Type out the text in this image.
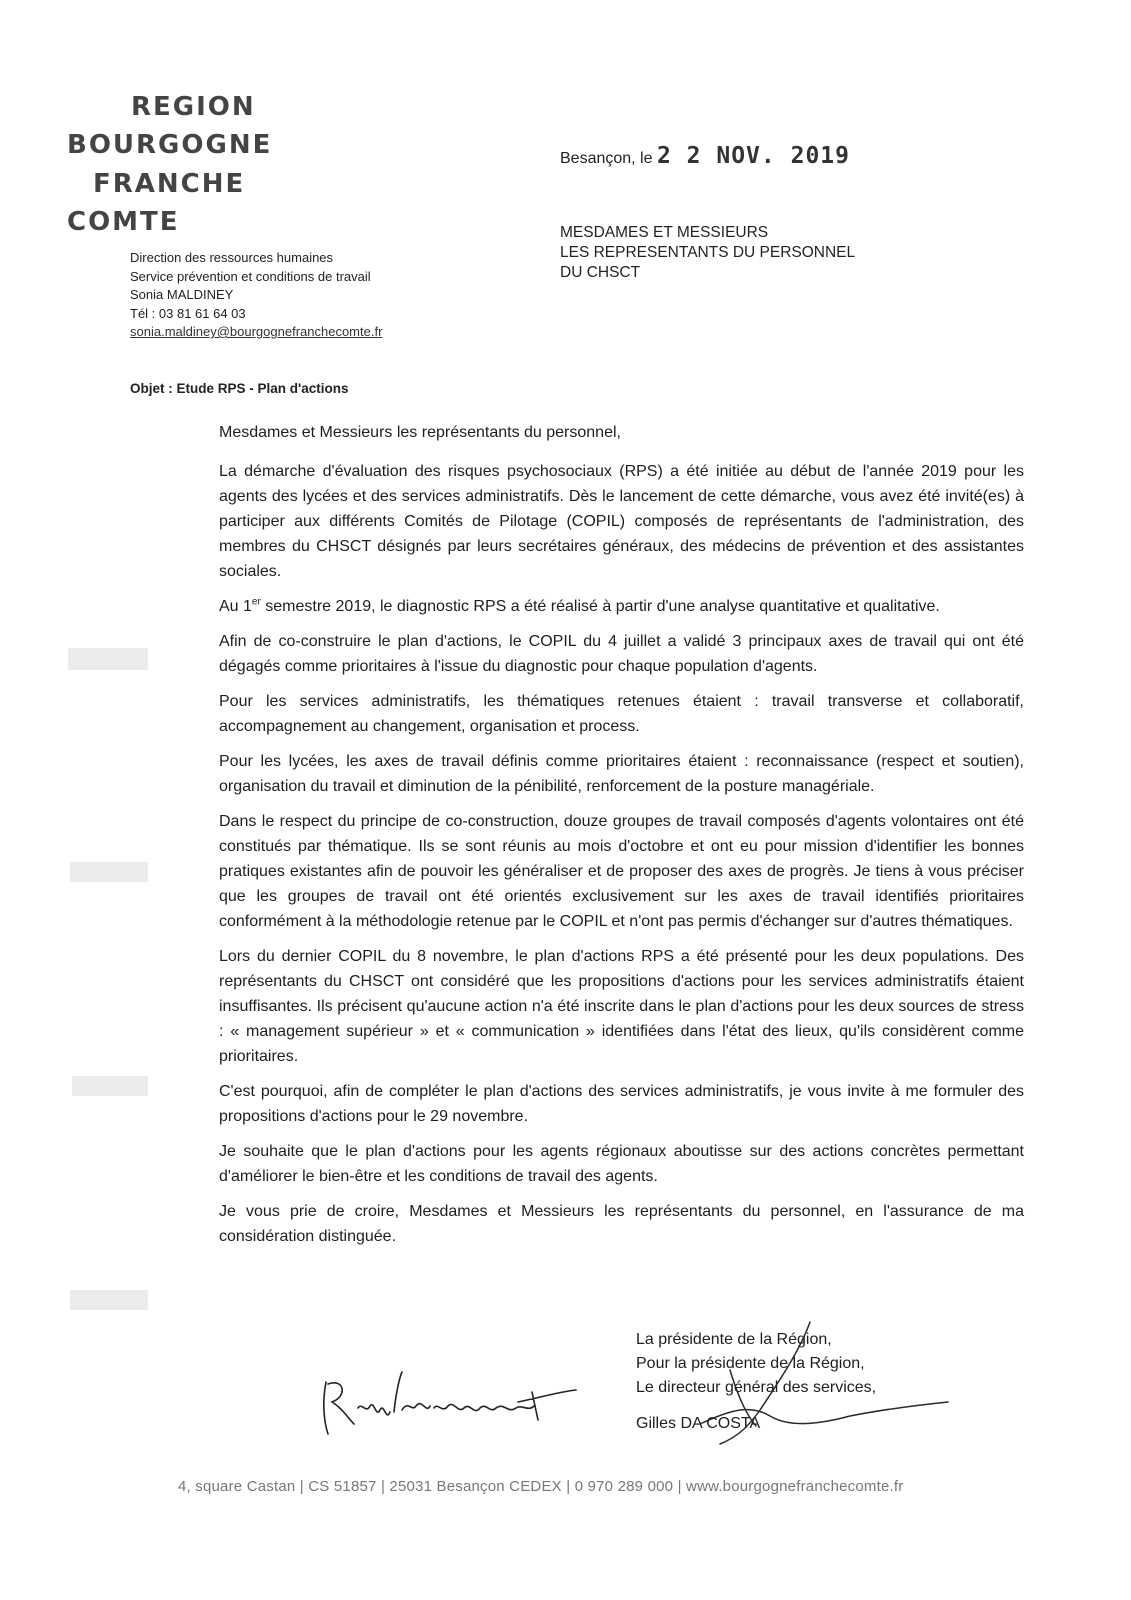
REGION
BOURGOGNE
FRANCHE
COMTE
Direction des ressources humaines
Service prévention et conditions de travail
Sonia MALDINEY
Tél : 03 81 61 64 03
sonia.maldiney@bourgognefranchecomte.fr
Besançon, le 2 2 NOV. 2019
MESDAMES ET MESSIEURS
LES REPRESENTANTS DU PERSONNEL
DU CHSCT
Objet : Etude RPS - Plan d'actions

Mesdames et Messieurs les représentants du personnel,

La démarche d'évaluation des risques psychosociaux (RPS) a été initiée au début de l'année 2019 pour les agents des lycées et des services administratifs. Dès le lancement de cette démarche, vous avez été invité(es) à participer aux différents Comités de Pilotage (COPIL) composés de représentants de l'administration, des membres du CHSCT désignés par leurs secrétaires généraux, des médecins de prévention et des assistantes sociales.

Au 1er semestre 2019, le diagnostic RPS a été réalisé à partir d'une analyse quantitative et qualitative.

Afin de co-construire le plan d'actions, le COPIL du 4 juillet a validé 3 principaux axes de travail qui ont été dégagés comme prioritaires à l'issue du diagnostic pour chaque population d'agents.

Pour les services administratifs, les thématiques retenues étaient : travail transverse et collaboratif, accompagnement au changement, organisation et process.

Pour les lycées, les axes de travail définis comme prioritaires étaient : reconnaissance (respect et soutien), organisation du travail et diminution de la pénibilité, renforcement de la posture managériale.

Dans le respect du principe de co-construction, douze groupes de travail composés d'agents volontaires ont été constitués par thématique. Ils se sont réunis au mois d'octobre et ont eu pour mission d'identifier les bonnes pratiques existantes afin de pouvoir les généraliser et de proposer des axes de progrès. Je tiens à vous préciser que les groupes de travail ont été orientés exclusivement sur les axes de travail identifiés prioritaires conformément à la méthodologie retenue par le COPIL et n'ont pas permis d'échanger sur d'autres thématiques.

Lors du dernier COPIL du 8 novembre, le plan d'actions RPS a été présenté pour les deux populations. Des représentants du CHSCT ont considéré que les propositions d'actions pour les services administratifs étaient insuffisantes. Ils précisent qu'aucune action n'a été inscrite dans le plan d'actions pour les deux sources de stress : « management supérieur » et « communication » identifiées dans l'état des lieux, qu'ils considèrent comme prioritaires.

C'est pourquoi, afin de compléter le plan d'actions des services administratifs, je vous invite à me formuler des propositions d'actions pour le 29 novembre.

Je souhaite que le plan d'actions pour les agents régionaux aboutisse sur des actions concrètes permettant d'améliorer le bien-être et les conditions de travail des agents.

Je vous prie de croire, Mesdames et Messieurs les représentants du personnel, en l'assurance de ma considération distinguée.

La présidente de la Région,
Pour la présidente de la Région,
Le directeur général des services,
Gilles DA COSTA
4, square Castan | CS 51857 | 25031 Besançon CEDEX | 0 970 289 000 | www.bourgognefranchecomte.fr
